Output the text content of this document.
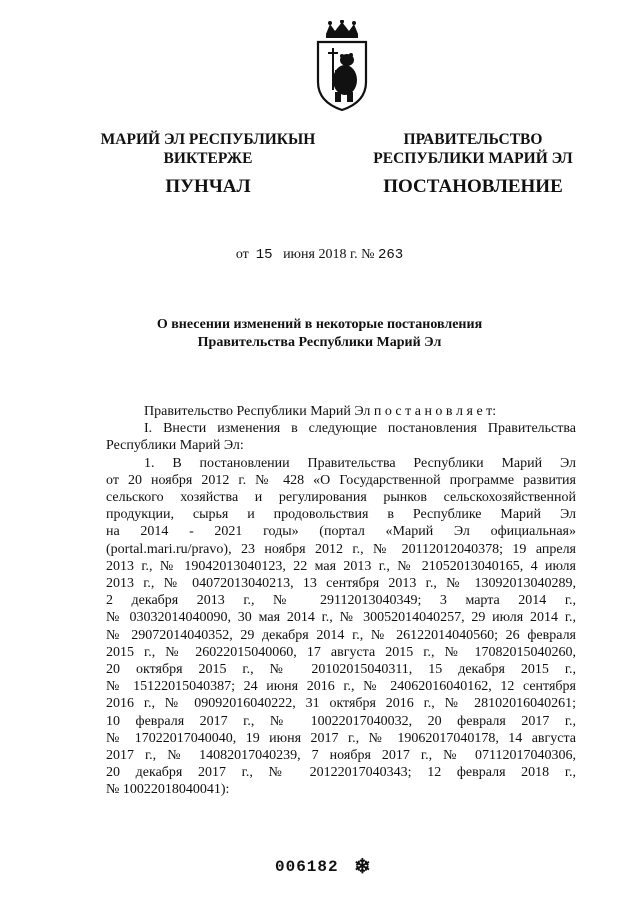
МАРИЙ ЭЛ РЕСПУБЛИКЫН
ВИКТЕРЖЕ
ПРАВИТЕЛЬСТВО
РЕСПУБЛИКИ МАРИЙ ЭЛ
ПУНЧАЛ	ПОСТАНОВЛЕНИЕ
от 15 июня 2018 г. № 263
О внесении изменений в некоторые постановления
Правительства Республики Марий Эл

Правительство Республики Марий Эл п о с т а н о в л я е т:

I. Внести изменения в следующие постановления Правительства

Республики Марий Эл:

1. В постановлении Правительства Республики Марий Эл

от 20 ноября 2012 г. № 428 «О Государственной программе развития

сельского хозяйства и регулирования рынков сельскохозяйственной

продукции, сырья и продовольствия в Республике Марий Эл

на 2014 - 2021 годы» (портал «Марий Эл официальная»

(portal.mari.ru/pravo), 23 ноября 2012 г., № 20112012040378; 19 апреля

2013 г., № 19042013040123, 22 мая 2013 г., № 21052013040165, 4 июля

2013 г., № 04072013040213, 13 сентября 2013 г., № 13092013040289,

2 декабря 2013 г., № 29112013040349; 3 марта 2014 г.,

№ 03032014040090, 30 мая 2014 г., № 30052014040257, 29 июля 2014 г.,

№ 29072014040352, 29 декабря 2014 г., № 26122014040560; 26 февраля

2015 г., № 26022015040060, 17 августа 2015 г., № 17082015040260,

20 октября 2015 г., № 20102015040311, 15 декабря 2015 г.,

№ 15122015040387; 24 июня 2016 г., № 24062016040162, 12 сентября

2016 г., № 09092016040222, 31 октября 2016 г., № 28102016040261;

10 февраля 2017 г., № 10022017040032, 20 февраля 2017 г.,

№ 17022017040040, 19 июня 2017 г., № 19062017040178, 14 августа

2017 г., № 14082017040239, 7 ноября 2017 г., № 07112017040306,

20 декабря 2017 г., № 20122017040343; 12 февраля 2018 г.,

№ 10022018040041):

006182 ❄
